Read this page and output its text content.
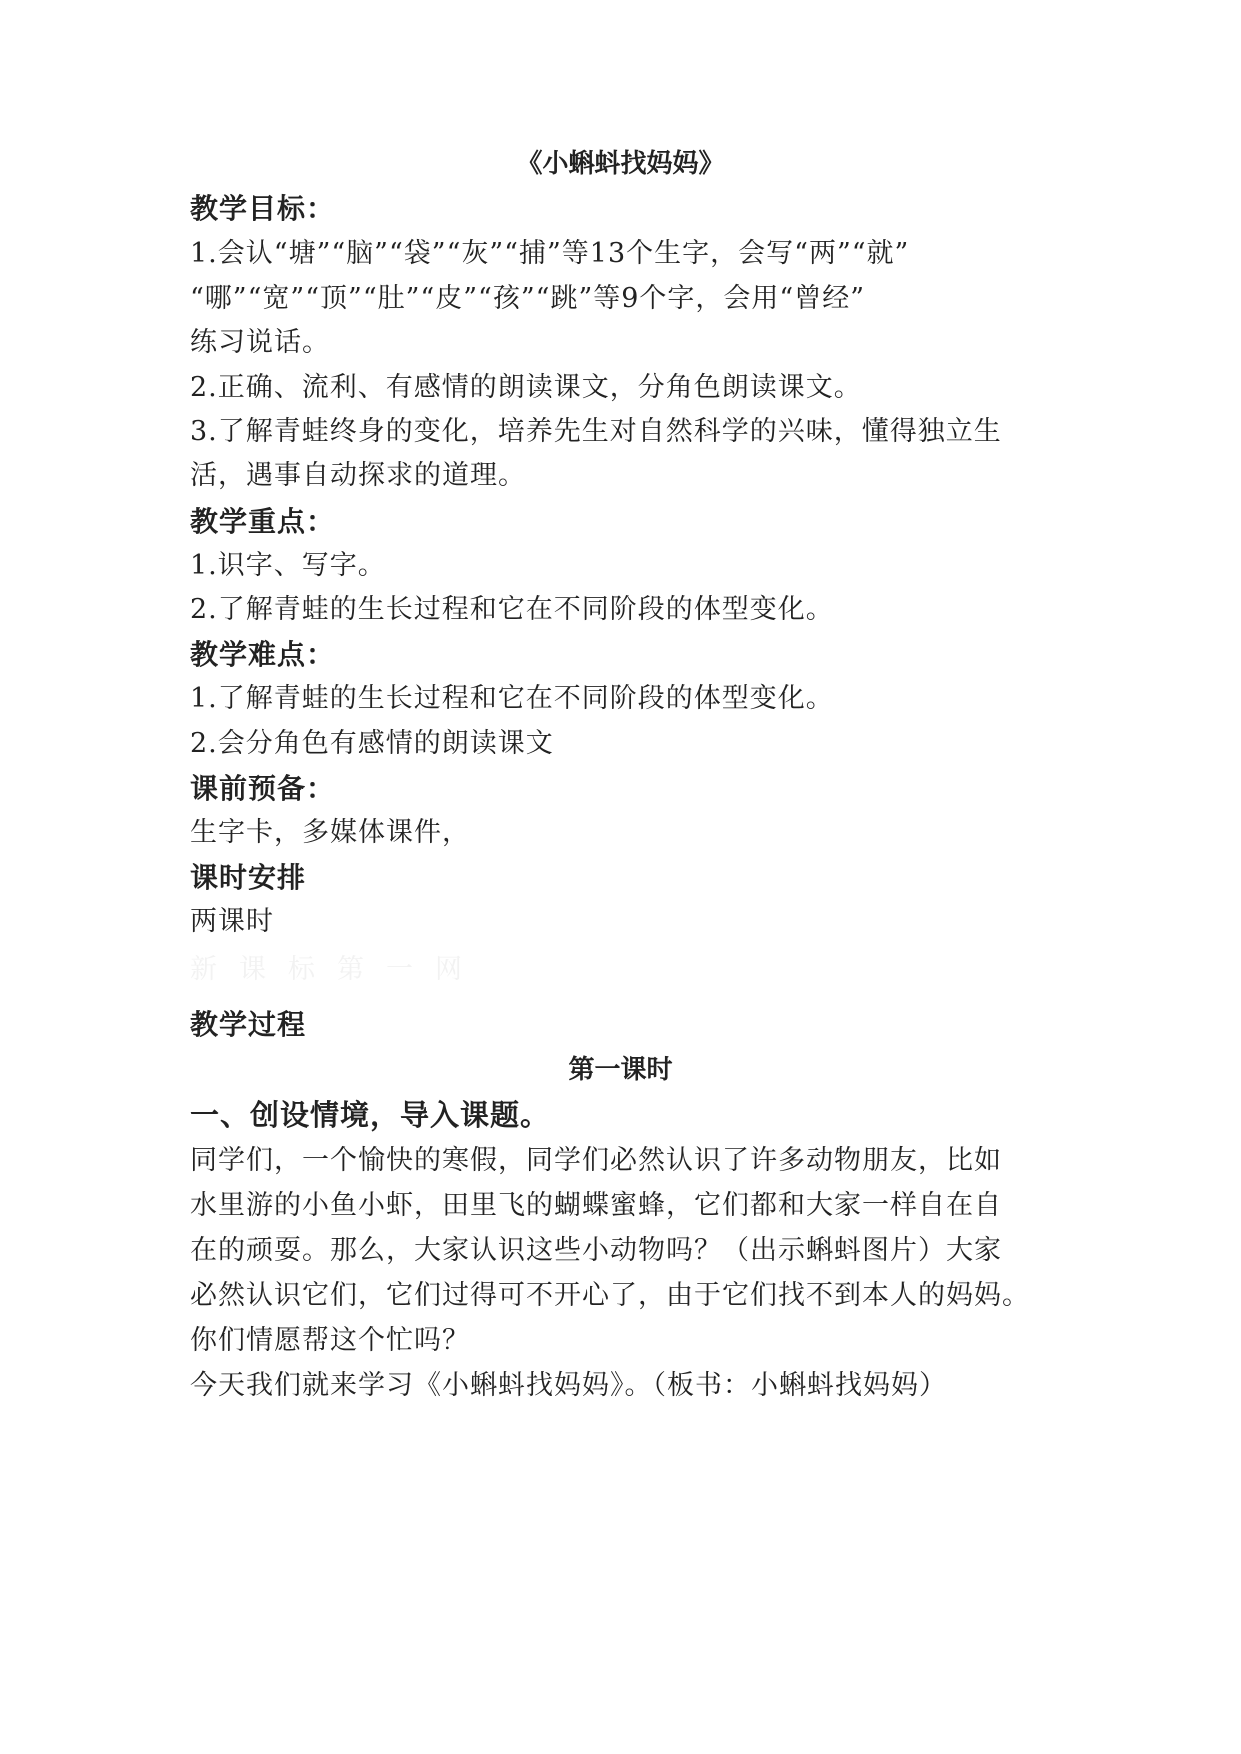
《小蝌蚪找妈妈》
教学目标：
1.会认“塘”“脑”“袋”“灰”“捕”等13个生字，会写“两”“就”
“哪”“宽”“顶”“肚”“皮”“孩”“跳”等9个字，会用“曾经”
练习说话。
2.正确、流利、有感情的朗读课文，分角色朗读课文。
3.了解青蛙终身的变化，培养先生对自然科学的兴味，懂得独立生
活，遇事自动探求的道理。
教学重点：
1.识字、写字。
2.了解青蛙的生长过程和它在不同阶段的体型变化。
教学难点：
1.了解青蛙的生长过程和它在不同阶段的体型变化。
2.会分角色有感情的朗读课文
课前预备：
生字卡，多媒体课件，
课时安排
两课时
新课标第一网
教学过程
第一课时
一、创设情境，导入课题。
同学们，一个愉快的寒假，同学们必然认识了许多动物朋友，比如
水里游的小鱼小虾，田里飞的蝴蝶蜜蜂，它们都和大家一样自在自
在的顽耍。那么，大家认识这些小动物吗？（出示蝌蚪图片）大家
必然认识它们，它们过得可不开心了，由于它们找不到本人的妈妈。
你们情愿帮这个忙吗？
今天我们就来学习《小蝌蚪找妈妈》。（板书：小蝌蚪找妈妈）
